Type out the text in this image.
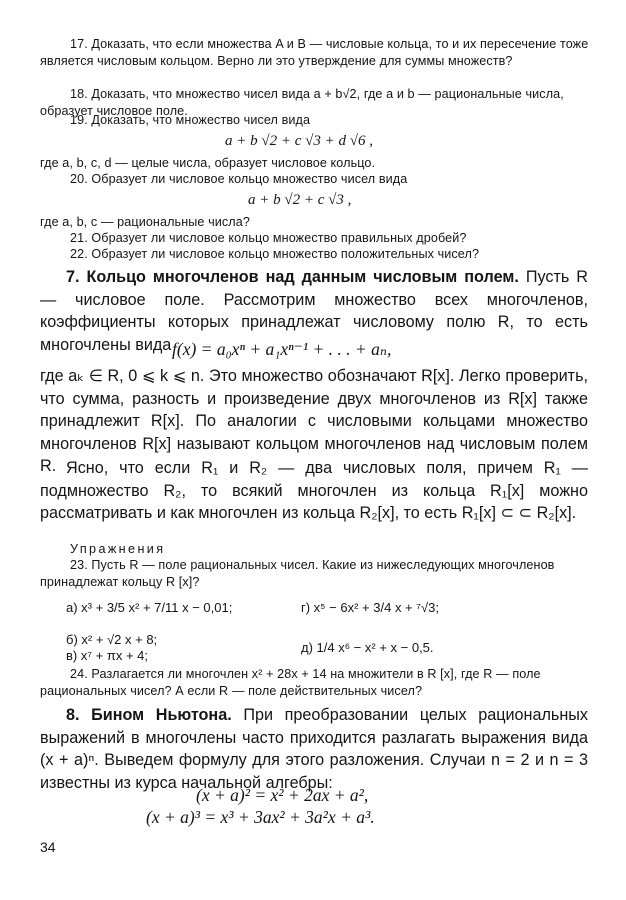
17. Доказать, что если множества A и B — числовые кольца, то и их пересечение тоже является числовым кольцом. Верно ли это утверждение для суммы множеств?
18. Доказать, что множество чисел вида a + b√2, где a и b — рациональные числа, образует числовое поле.
19. Доказать, что множество чисел вида
a + b √2 + c √3 + d √6 ,
где a, b, c, d — целые числа, образует числовое кольцо.
20. Образует ли числовое кольцо множество чисел вида
a + b √2 + c √3 ,
где a, b, c — рациональные числа?
21. Образует ли числовое кольцо множество правильных дробей?
22. Образует ли числовое кольцо множество положительных чисел?
7. Кольцо многочленов над данным числовым полем. Пусть R — числовое поле. Рассмотрим множество всех многочленов, коэффициенты которых принадлежат числовому полю R, то есть многочлены вида f(x) = a₀xⁿ + a₁xⁿ⁻¹ + . . . + aₙ,
где aₖ ∈ R, 0 ⩽ k ⩽ n. Это множество обозначают R[x]. Легко проверить, что сумма, разность и произведение двух многочленов из R[x] также принадлежит R[x]. По аналогии с числовыми кольцами множество многочленов R[x] называют кольцом многочленов над числовым полем R. Ясно, что если R₁ и R₂ — два числовых поля, причем R₁ — подмножество R₂, то всякий многочлен из кольца R₁[x] можно рассматривать и как многочлен из кольца R₂[x], то есть R₁[x] ⊂ ⊂ R₂[x].
Упражнения
23. Пусть R — поле рациональных чисел. Какие из нижеследующих многочленов принадлежат кольцу R [x]?
а) x³ + 3/5 x² + 7/11 x − 0,01;	г) x⁵ − 6x² + 3/4 x + ⁷√3;
б) x² + √2 x + 8;
д) 1/4 x⁶ − x² + x − 0,5.
в) x⁷ + πx + 4;
24. Разлагается ли многочлен x² + 28x + 14 на множители в R [x], где R — поле рациональных чисел? А если R — поле действительных чисел?
8. Бином Ньютона. При преобразовании целых рациональных выражений в многочлены часто приходится разлагать выражения вида (x + a)ⁿ. Выведем формулу для этого разложения. Случаи n = 2 и n = 3 известны из курса начальной алгебры:
(x + a)² = x² + 2ax + a²,
(x + a)³ = x³ + 3ax² + 3a²x + a³.
34
